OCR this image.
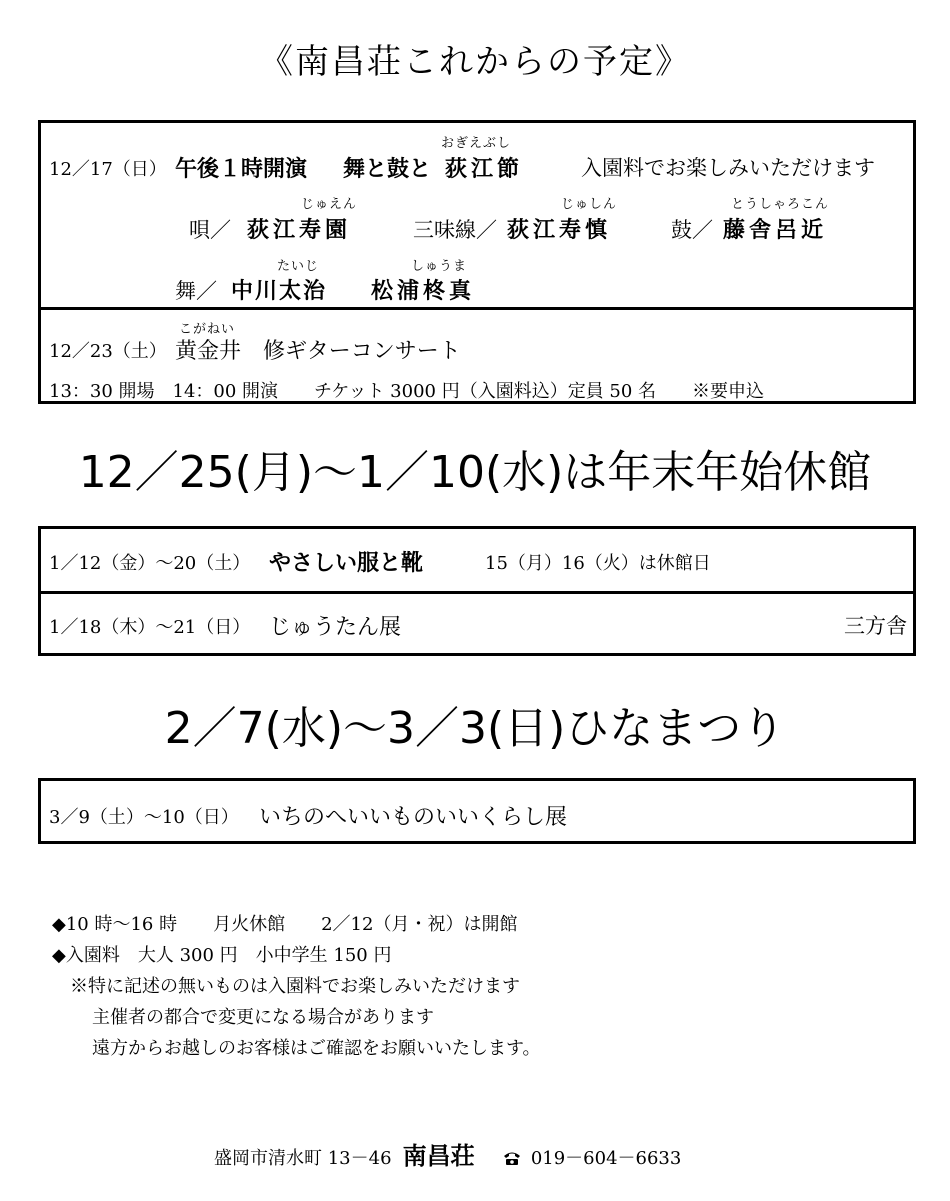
《南昌荘これからの予定》
12／17（日） 午後１時開演 舞と鼓と
おぎえぶし
荻江節	入園料でお楽しみいただけます
唄／
じゅえん
荻江寿園	三味線／
じゅしん
荻江寿慎	鼓／
とうしゃろこん
藤舎呂近
舞／
たいじ
中川太治
しゅうま
松浦柊真
12／23（土）
こがねい
黄金井　修ギターコンサート
13：30 開場　14：00 開演　　チケット 3000 円（入園料込）定員 50 名　　※要申込
12／25(月)～1／10(水)は年末年始休館
1／12（金）～20（土） やさしい服と靴	15（月）16（火）は休館日
1／18（木）～21（日） じゅうたん展	三方舎
2／7(水)～3／3(日)ひなまつり
3／9（土）～10（日） いちのへいいものいいくらし展
◆10 時～16 時　　月火休館　　2／12（月・祝）は開館
◆入園料　大人 300 円　小中学生 150 円
※特に記述の無いものは入園料でお楽しみいただけます
主催者の都合で変更になる場合があります
遠方からお越しのお客様はご確認をお願いいたします。
盛岡市清水町 13－46 南昌荘	019－604－6633
